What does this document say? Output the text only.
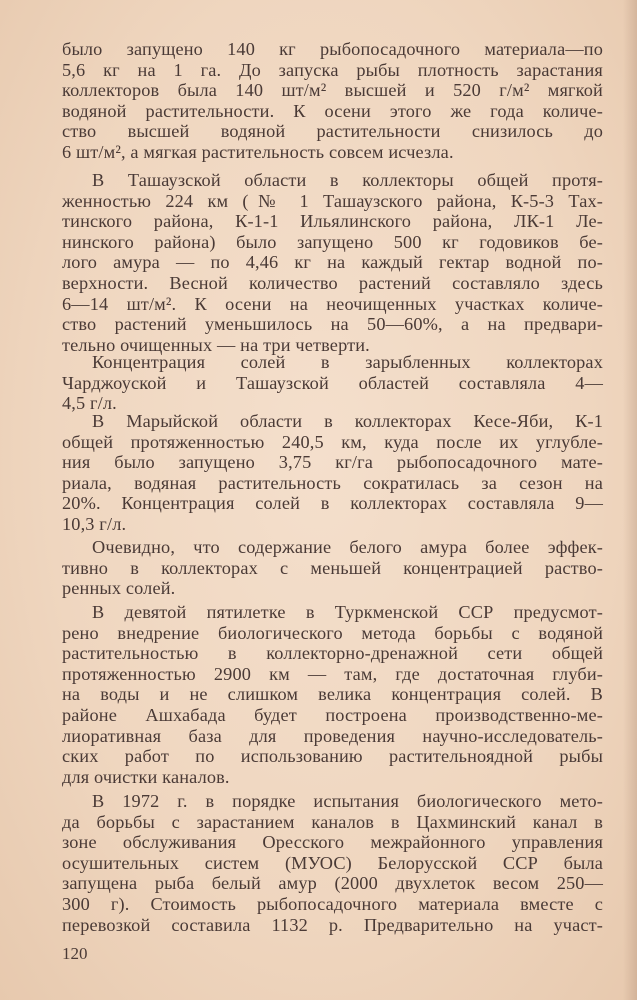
было запущено 140 кг рыбопосадочного материала—по
5,6 кг на 1 га. До запуска рыбы плотность зарастания
коллекторов была 140 шт/м² высшей и 520 г/м² мягкой
водяной растительности. К осени этого же года количе-
ство высшей водяной растительности снизилось до
6 шт/м², а мягкая растительность совсем исчезла.
В Ташаузской области в коллекторы общей протя-
женностью 224 км (№ 1 Ташаузского района, К-5-3 Тах-
тинского района, К-1-1 Ильялинского района, ЛК-1 Ле-
нинского района) было запущено 500 кг годовиков бе-
лого амура — по 4,46 кг на каждый гектар водной по-
верхности. Весной количество растений составляло здесь
6—14 шт/м². К осени на неочищенных участках количе-
ство растений уменьшилось на 50—60%, а на предвари-
тельно очищенных — на три четверти.
Концентрация солей в зарыбленных коллекторах
Чарджоуской и Ташаузской областей составляла 4—
4,5 г/л.
В Марыйской области в коллекторах Кесе-Яби, К-1
общей протяженностью 240,5 км, куда после их углубле-
ния было запущено 3,75 кг/га рыбопосадочного мате-
риала, водяная растительность сократилась за сезон на
20%. Концентрация солей в коллекторах составляла 9—
10,3 г/л.
Очевидно, что содержание белого амура более эффек-
тивно в коллекторах с меньшей концентрацией раство-
ренных солей.
В девятой пятилетке в Туркменской ССР предусмот-
рено внедрение биологического метода борьбы с водяной
растительностью в коллекторно-дренажной сети общей
протяженностью 2900 км — там, где достаточная глуби-
на воды и не слишком велика концентрация солей. В
районе Ашхабада будет построена производственно-ме-
лиоративная база для проведения научно-исследователь-
ских работ по использованию растительноядной рыбы
для очистки каналов.
В 1972 г. в порядке испытания биологического мето-
да борьбы с зарастанием каналов в Цахминский канал в
зоне обслуживания Оресского межрайонного управления
осушительных систем (МУОС) Белорусской ССР была
запущена рыба белый амур (2000 двухлеток весом 250—
300 г). Стоимость рыбопосадочного материала вместе с
перевозкой составила 1132 р. Предварительно на участ-
120
